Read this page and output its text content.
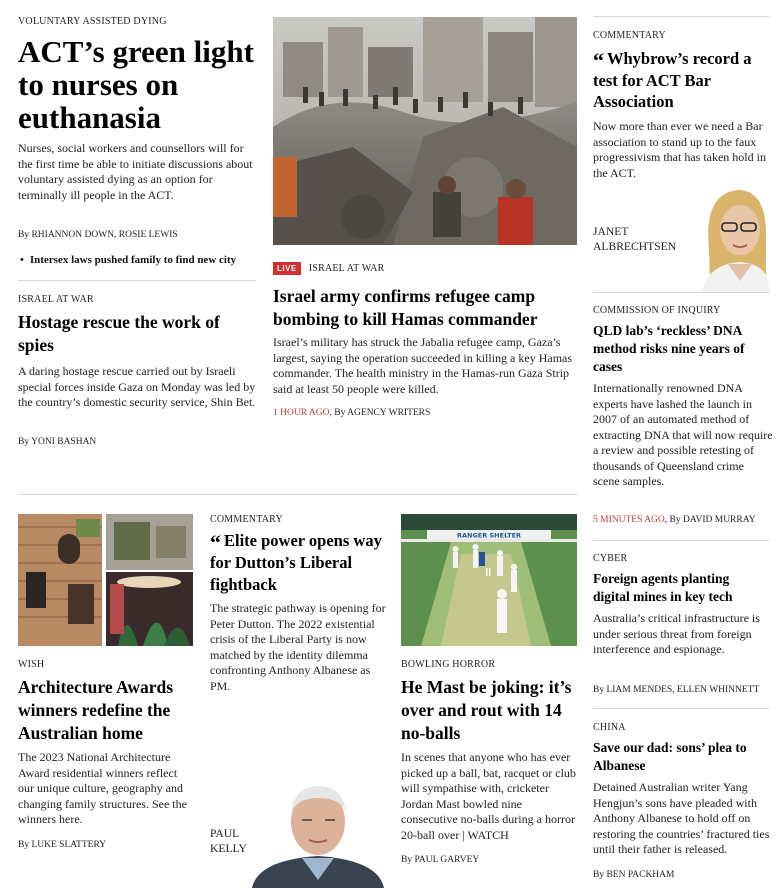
VOLUNTARY ASSISTED DYING
ACT’s green light to nurses on euthanasia
Nurses, social workers and counsellors will for the first time be able to initiate discussions about voluntary assisted dying as an option for terminally ill people in the ACT.
By RHIANNON DOWN, ROSIE LEWIS
• Intersex laws pushed family to find new city
ISRAEL AT WAR
Hostage rescue the work of spies
A daring hostage rescue carried out by Israeli special forces inside Gaza on Monday was led by the country’s domestic security service, Shin Bet.
By YONI BASHAN
LIVE ISRAEL AT WAR
Israel army confirms refugee camp bombing to kill Hamas commander
Israel’s military has struck the Jabalia refugee camp, Gaza’s largest, saying the operation succeeded in killing a key Hamas commander. The health ministry in the Hamas-run Gaza Strip said at least 50 people were killed.
1 HOUR AGO, By AGENCY WRITERS
COMMENTARY
“ Whybrow’s record a test for ACT Bar Association
Now more than ever we need a Bar association to stand up to the faux progressivism that has taken hold in the ACT.
JANET
ALBRECHTSEN
COMMISSION OF INQUIRY
QLD lab’s ‘reckless’ DNA method risks nine years of cases
Internationally renowned DNA experts have lashed the launch in 2007 of an automated method of extracting DNA that will now require a review and possible retesting of thousands of Queensland crime scene samples.
5 MINUTES AGO, By DAVID MURRAY
CYBER
Foreign agents planting digital mines in key tech
Australia’s critical infrastructure is under serious threat from foreign interference and espionage.
By LIAM MENDES, ELLEN WHINNETT
CHINA
Save our dad: sons’ plea to Albanese
Detained Australian writer Yang Hengjun’s sons have pleaded with Anthony Albanese to hold off on restoring the countries’ fractured ties until their father is released.
By BEN PACKHAM
WISH
Architecture Awards winners redefine the Australian home
The 2023 National Architecture Award residential winners reflect our unique culture, geography and changing family structures. See the winners here.
By LUKE SLATTERY
COMMENTARY
“ Elite power opens way for Dutton’s Liberal fightback
The strategic pathway is opening for Peter Dutton. The 2022 existential crisis of the Liberal Party is now matched by the identity dilemma confronting Anthony Albanese as PM.
PAUL
KELLY
RANGER SHELTER
BOWLING HORROR
He Mast be joking: it’s over and rout with 14 no-balls
In scenes that anyone who has ever picked up a ball, bat, racquet or club will sympathise with, cricketer Jordan Mast bowled nine consecutive no-balls during a horror 20-ball over | WATCH
By PAUL GARVEY
